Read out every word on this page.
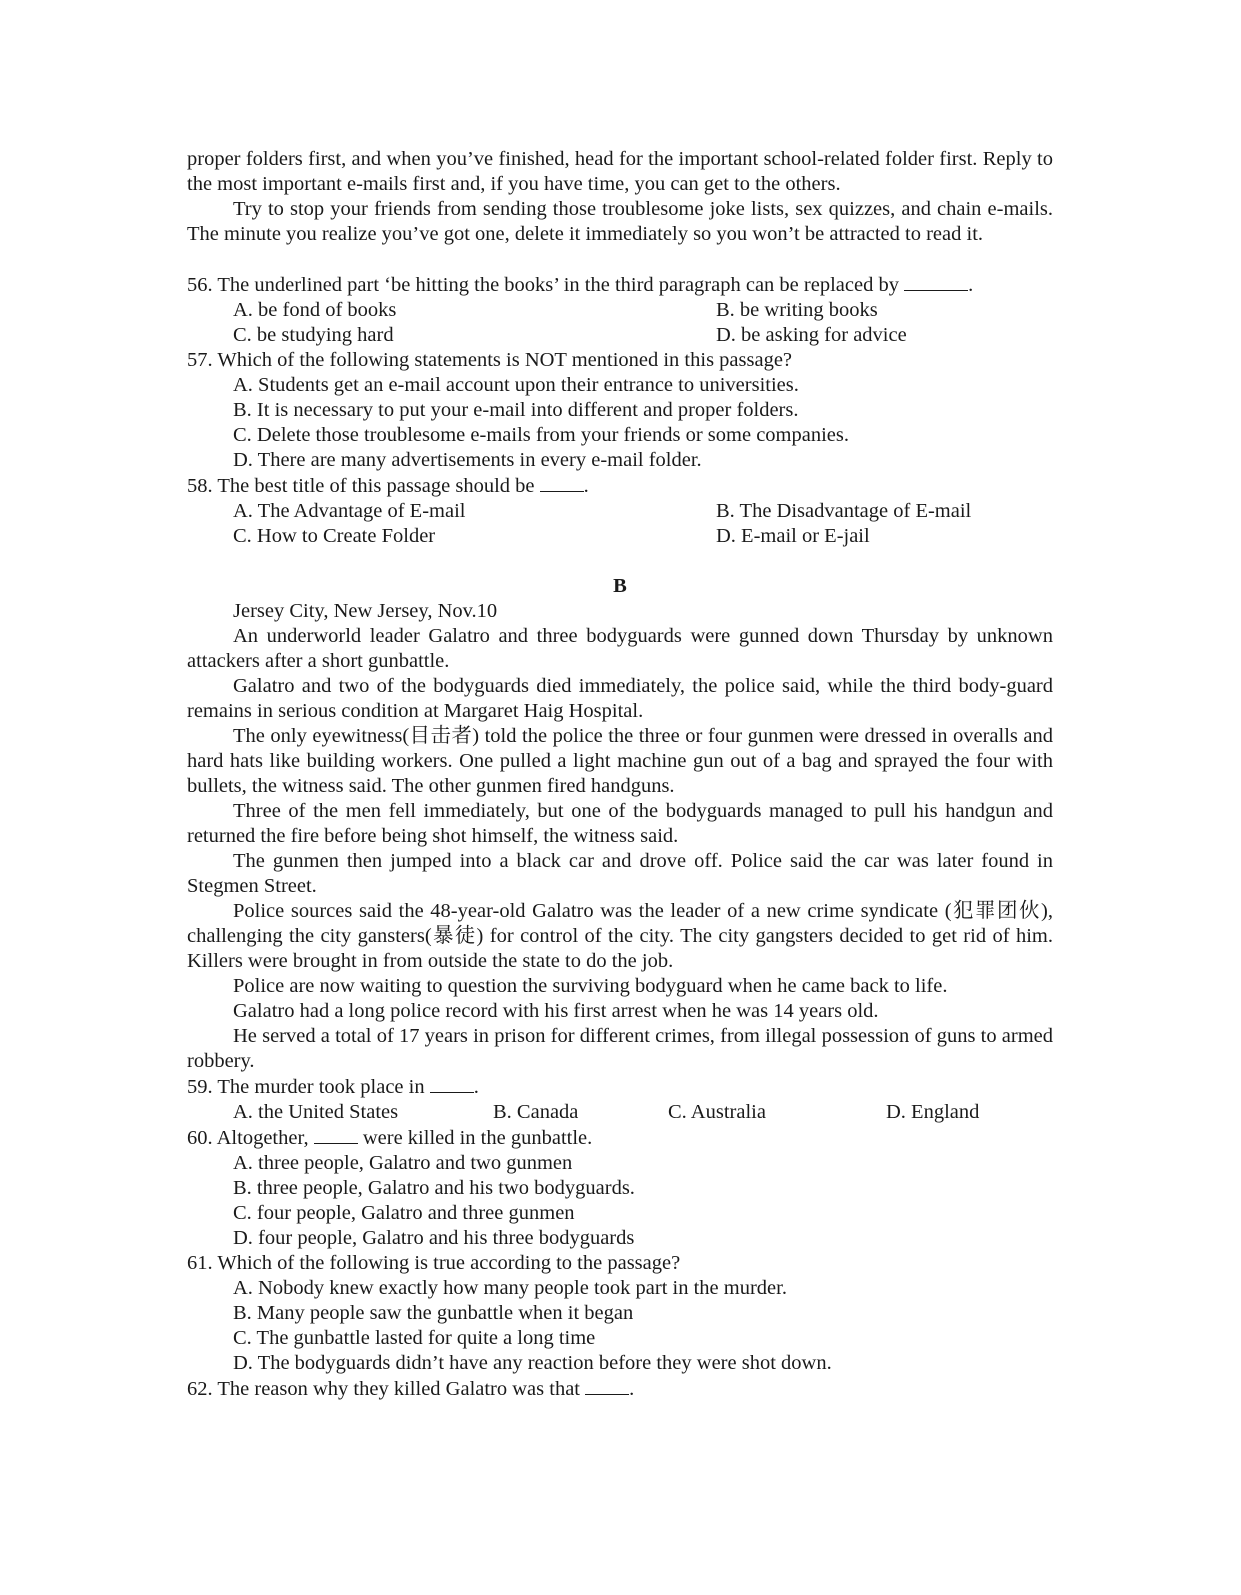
proper folders first, and when you’ve finished, head for the important school-related folder first. Reply to the most important e-mails first and, if you have time, you can get to the others.

Try to stop your friends from sending those troublesome joke lists, sex quizzes, and chain e-mails. The minute you realize you’ve got one, delete it immediately so you won’t be attracted to read it.

56. The underlined part ‘be hitting the books’ in the third paragraph can be replaced by	.

A. be fond of books	B. be writing books
C. be studying hard	D. be asking for advice

57. Which of the following statements is NOT mentioned in this passage?

A. Students get an e-mail account upon their entrance to universities.

B. It is necessary to put your e-mail into different and proper folders.

C. Delete those troublesome e-mails from your friends or some companies.

D. There are many advertisements in every e-mail folder.

58. The best title of this passage should be .

A. The Advantage of E-mail	B. The Disadvantage of E-mail
C. How to Create Folder	D. E-mail or E-jail

B

Jersey City, New Jersey, Nov.10

An underworld leader Galatro and three bodyguards were gunned down Thursday by unknown attackers after a short gunbattle.

Galatro and two of the bodyguards died immediately, the police said, while the third body-guard remains in serious condition at Margaret Haig Hospital.

The only eyewitness(目击者) told the police the three or four gunmen were dressed in overalls and hard hats like building workers. One pulled a light machine gun out of a bag and sprayed the four with bullets, the witness said. The other gunmen fired handguns.

Three of the men fell immediately, but one of the bodyguards managed to pull his handgun and returned the fire before being shot himself, the witness said.

The gunmen then jumped into a black car and drove off. Police said the car was later found in Stegmen Street.

Police sources said the 48-year-old Galatro was the leader of a new crime syndicate (犯罪团伙), challenging the city gansters(暴徒) for control of the city. The city gangsters decided to get rid of him. Killers were brought in from outside the state to do the job.

Police are now waiting to question the surviving bodyguard when he came back to life.

Galatro had a long police record with his first arrest when he was 14 years old.

He served a total of 17 years in prison for different crimes, from illegal possession of guns to armed robbery.

59. The murder took place in .

A. the United States	B. Canada	C. Australia	D. England

60. Altogether,  were killed in the gunbattle.

A. three people, Galatro and two gunmen

B. three people, Galatro and his two bodyguards.

C. four people, Galatro and three gunmen

D. four people, Galatro and his three bodyguards

61. Which of the following is true according to the passage?

A. Nobody knew exactly how many people took part in the murder.

B. Many people saw the gunbattle when it began

C. The gunbattle lasted for quite a long time

D. The bodyguards didn’t have any reaction before they were shot down.

62. The reason why they killed Galatro was that .
